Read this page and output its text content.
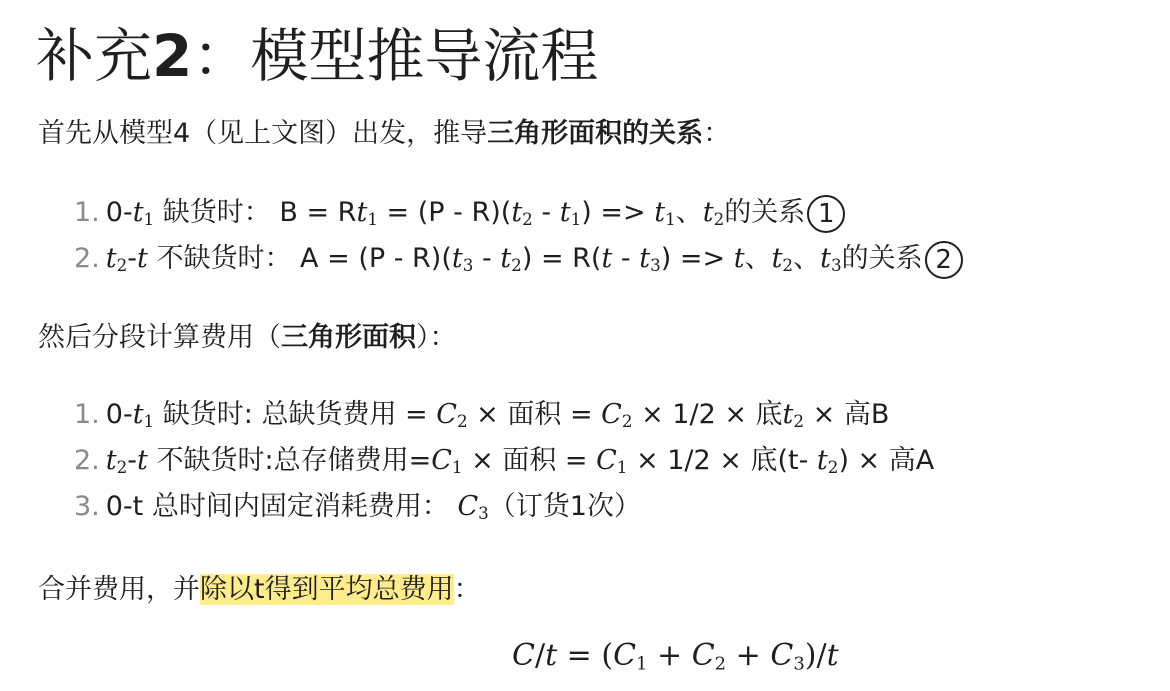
补充2：模型推导流程

首先从模型4（见上文图）出发，推导三角形面积的关系：

1. $0-t_1$ 缺货时： $B = Rt_1 = (P - R)(t_2 - t_1) => t_1$、$t_2$的关系 1
2. $t_2-t$ 不缺货时： $A = (P - R)(t_3 - t_2) = R(t - t_3) => t$、$t_2$、$t_3$的关系 2

然后分段计算费用（三角形面积）：

1. $0-t_1$ 缺货时: 总缺货费用 = $C_2$ × 面积 = $C_2 \times 1/2$ × 底$t_2$ × 高B
2. $t_2-t$ 不缺货时:总存储费用$=C_1$ × 面积 = $C_1 \times 1/2$ × 底(t- $t_2$) × 高A
3. 0-t 总时间内固定消耗费用： $C_3$（订货1次）

合并费用，并除以t得到平均总费用：

$C/t = (C_1 + C_2 + C_3)/t$
